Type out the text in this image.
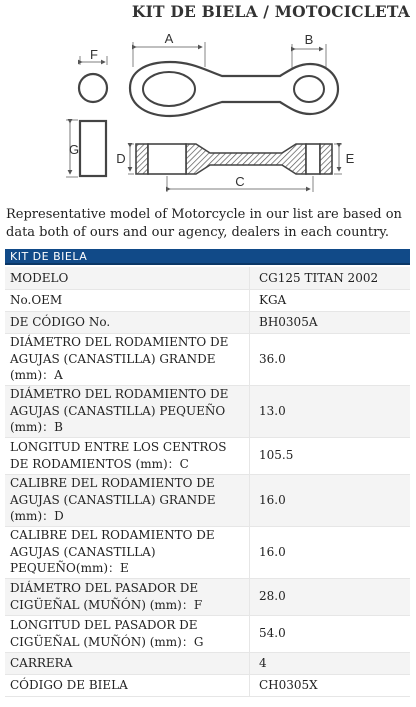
KIT DE BIELA / MOTOCICLETA
F
G
A	B
D	E
C
Representative model of Motorcycle in our list are based on data both of ours and our agency, dealers in each country.
KIT DE BIELA
MODELO	CG125 TITAN 2002
No.OEM	KGA
DE CÓDIGO No.	BH0305A
DIÁMETRO DEL RODAMIENTO DE AGUJAS (CANASTILLA) GRANDE (mm)：A	36.0
DIÁMETRO DEL RODAMIENTO DE AGUJAS (CANASTILLA) PEQUEÑO (mm)：B	13.0
LONGITUD ENTRE LOS CENTROS DE RODAMIENTOS (mm)：C	105.5
CALIBRE DEL RODAMIENTO DE AGUJAS (CANASTILLA) GRANDE (mm)：D	16.0
CALIBRE DEL RODAMIENTO DE AGUJAS (CANASTILLA) PEQUEÑO(mm)：E	16.0
DIÁMETRO DEL PASADOR DE CIGÜEÑAL (MUÑÓN) (mm)：F	28.0
LONGITUD DEL PASADOR DE CIGÜEÑAL (MUÑÓN) (mm)：G	54.0
CARRERA	4
CÓDIGO DE BIELA	CH0305X
